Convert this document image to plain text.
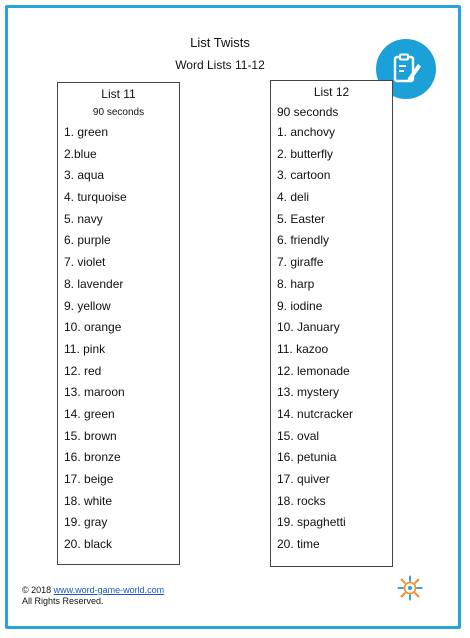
List Twists
Word Lists 11-12
List 11
90 seconds
1. green
2.blue
3. aqua
4. turquoise
5. navy
6. purple
7. violet
8. lavender
9. yellow
10. orange
11. pink
12. red
13. maroon
14. green
15. brown
16. bronze
17. beige
18. white
19. gray
20. black
List 12
90 seconds
1. anchovy
2. butterfly
3. cartoon
4. deli
5. Easter
6. friendly
7. giraffe
8. harp
9. iodine
10. January
11. kazoo
12. lemonade
13. mystery
14. nutcracker
15. oval
16. petunia
17. quiver
18. rocks
19. spaghetti
20. time
© 2018 www.word-game-world.com
All Rights Reserved.
